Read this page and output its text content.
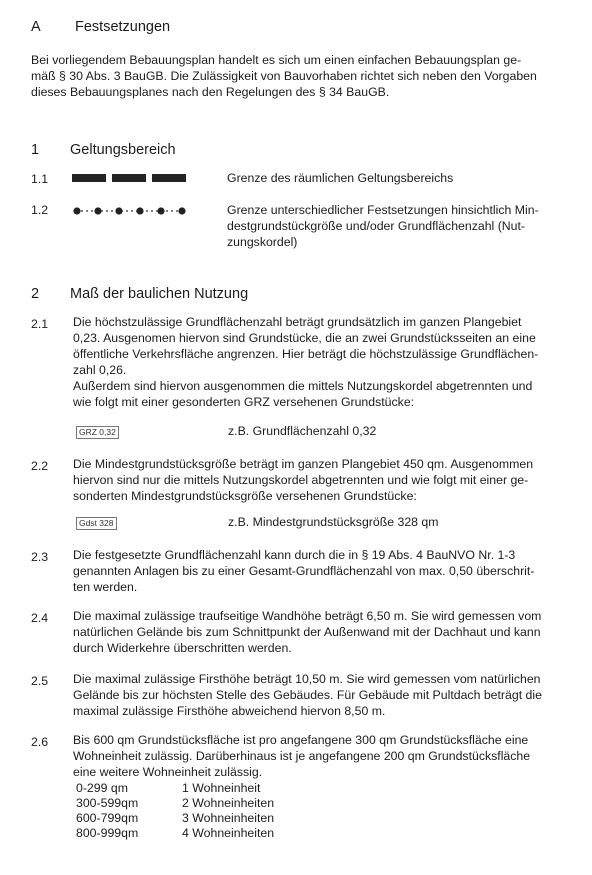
A Festsetzungen
Bei vorliegendem Bebauungsplan handelt es sich um einen einfachen Bebauungsplan ge-
mäß § 30 Abs. 3 BauGB. Die Zulässigkeit von Bauvorhaben richtet sich neben den Vorgaben
dieses Bebauungsplanes nach den Regelungen des § 34 BauGB.
1 Geltungsbereich
1.1	Grenze des räumlichen Geltungsbereichs
1.2	Grenze unterschiedlicher Festsetzungen hinsichtlich Min-
destgrundstückgröße und/oder Grundflächenzahl (Nut-
zungskordel)
2 Maß der baulichen Nutzung
2.1 Die höchstzulässige Grundflächenzahl beträgt grundsätzlich im ganzen Plangebiet
0,23. Ausgenomen hiervon sind Grundstücke, die an zwei Grundstücksseiten an eine
öffentliche Verkehrsfläche angrenzen. Hier beträgt die höchstzulässige Grundflächen-
zahl 0,26.
Außerdem sind hiervon ausgenommen die mittels Nutzungskordel abgetrennten und
wie folgt mit einer gesonderten GRZ versehenen Grundstücke:
GRZ 0,32	z.B. Grundflächenzahl 0,32
2.2 Die Mindestgrundstücksgröße beträgt im ganzen Plangebiet 450 qm. Ausgenommen
hiervon sind nur die mittels Nutzungskordel abgetrennten und wie folgt mit einer ge-
sonderten Mindestgrundstücksgröße versehenen Grundstücke:
Gdst 328	z.B. Mindestgrundstücksgröße 328 qm
2.3 Die festgesetzte Grundflächenzahl kann durch die in § 19 Abs. 4 BauNVO Nr. 1-3
genannten Anlagen bis zu einer Gesamt-Grundflächenzahl von max. 0,50 überschrit-
ten werden.
2.4 Die maximal zulässige traufseitige Wandhöhe beträgt 6,50 m. Sie wird gemessen vom
natürlichen Gelände bis zum Schnittpunkt der Außenwand mit der Dachhaut und kann
durch Widerkehre überschritten werden.
2.5 Die maximal zulässige Firsthöhe beträgt 10,50 m. Sie wird gemessen vom natürlichen
Gelände bis zur höchsten Stelle des Gebäudes. Für Gebäude mit Pultdach beträgt die
maximal zulässige Firsthöhe abweichend hiervon 8,50 m.
2.6 Bis 600 qm Grundstücksfläche ist pro angefangene 300 qm Grundstücksfläche eine
Wohneinheit zulässig. Darüberhinaus ist je angefangene 200 qm Grundstücksfläche
eine weitere Wohneinheit zulässig.
0-299 qm	1 Wohneinheit
300-599qm	2 Wohneinheiten
600-799qm	3 Wohneinheiten
800-999qm	4 Wohneinheiten
